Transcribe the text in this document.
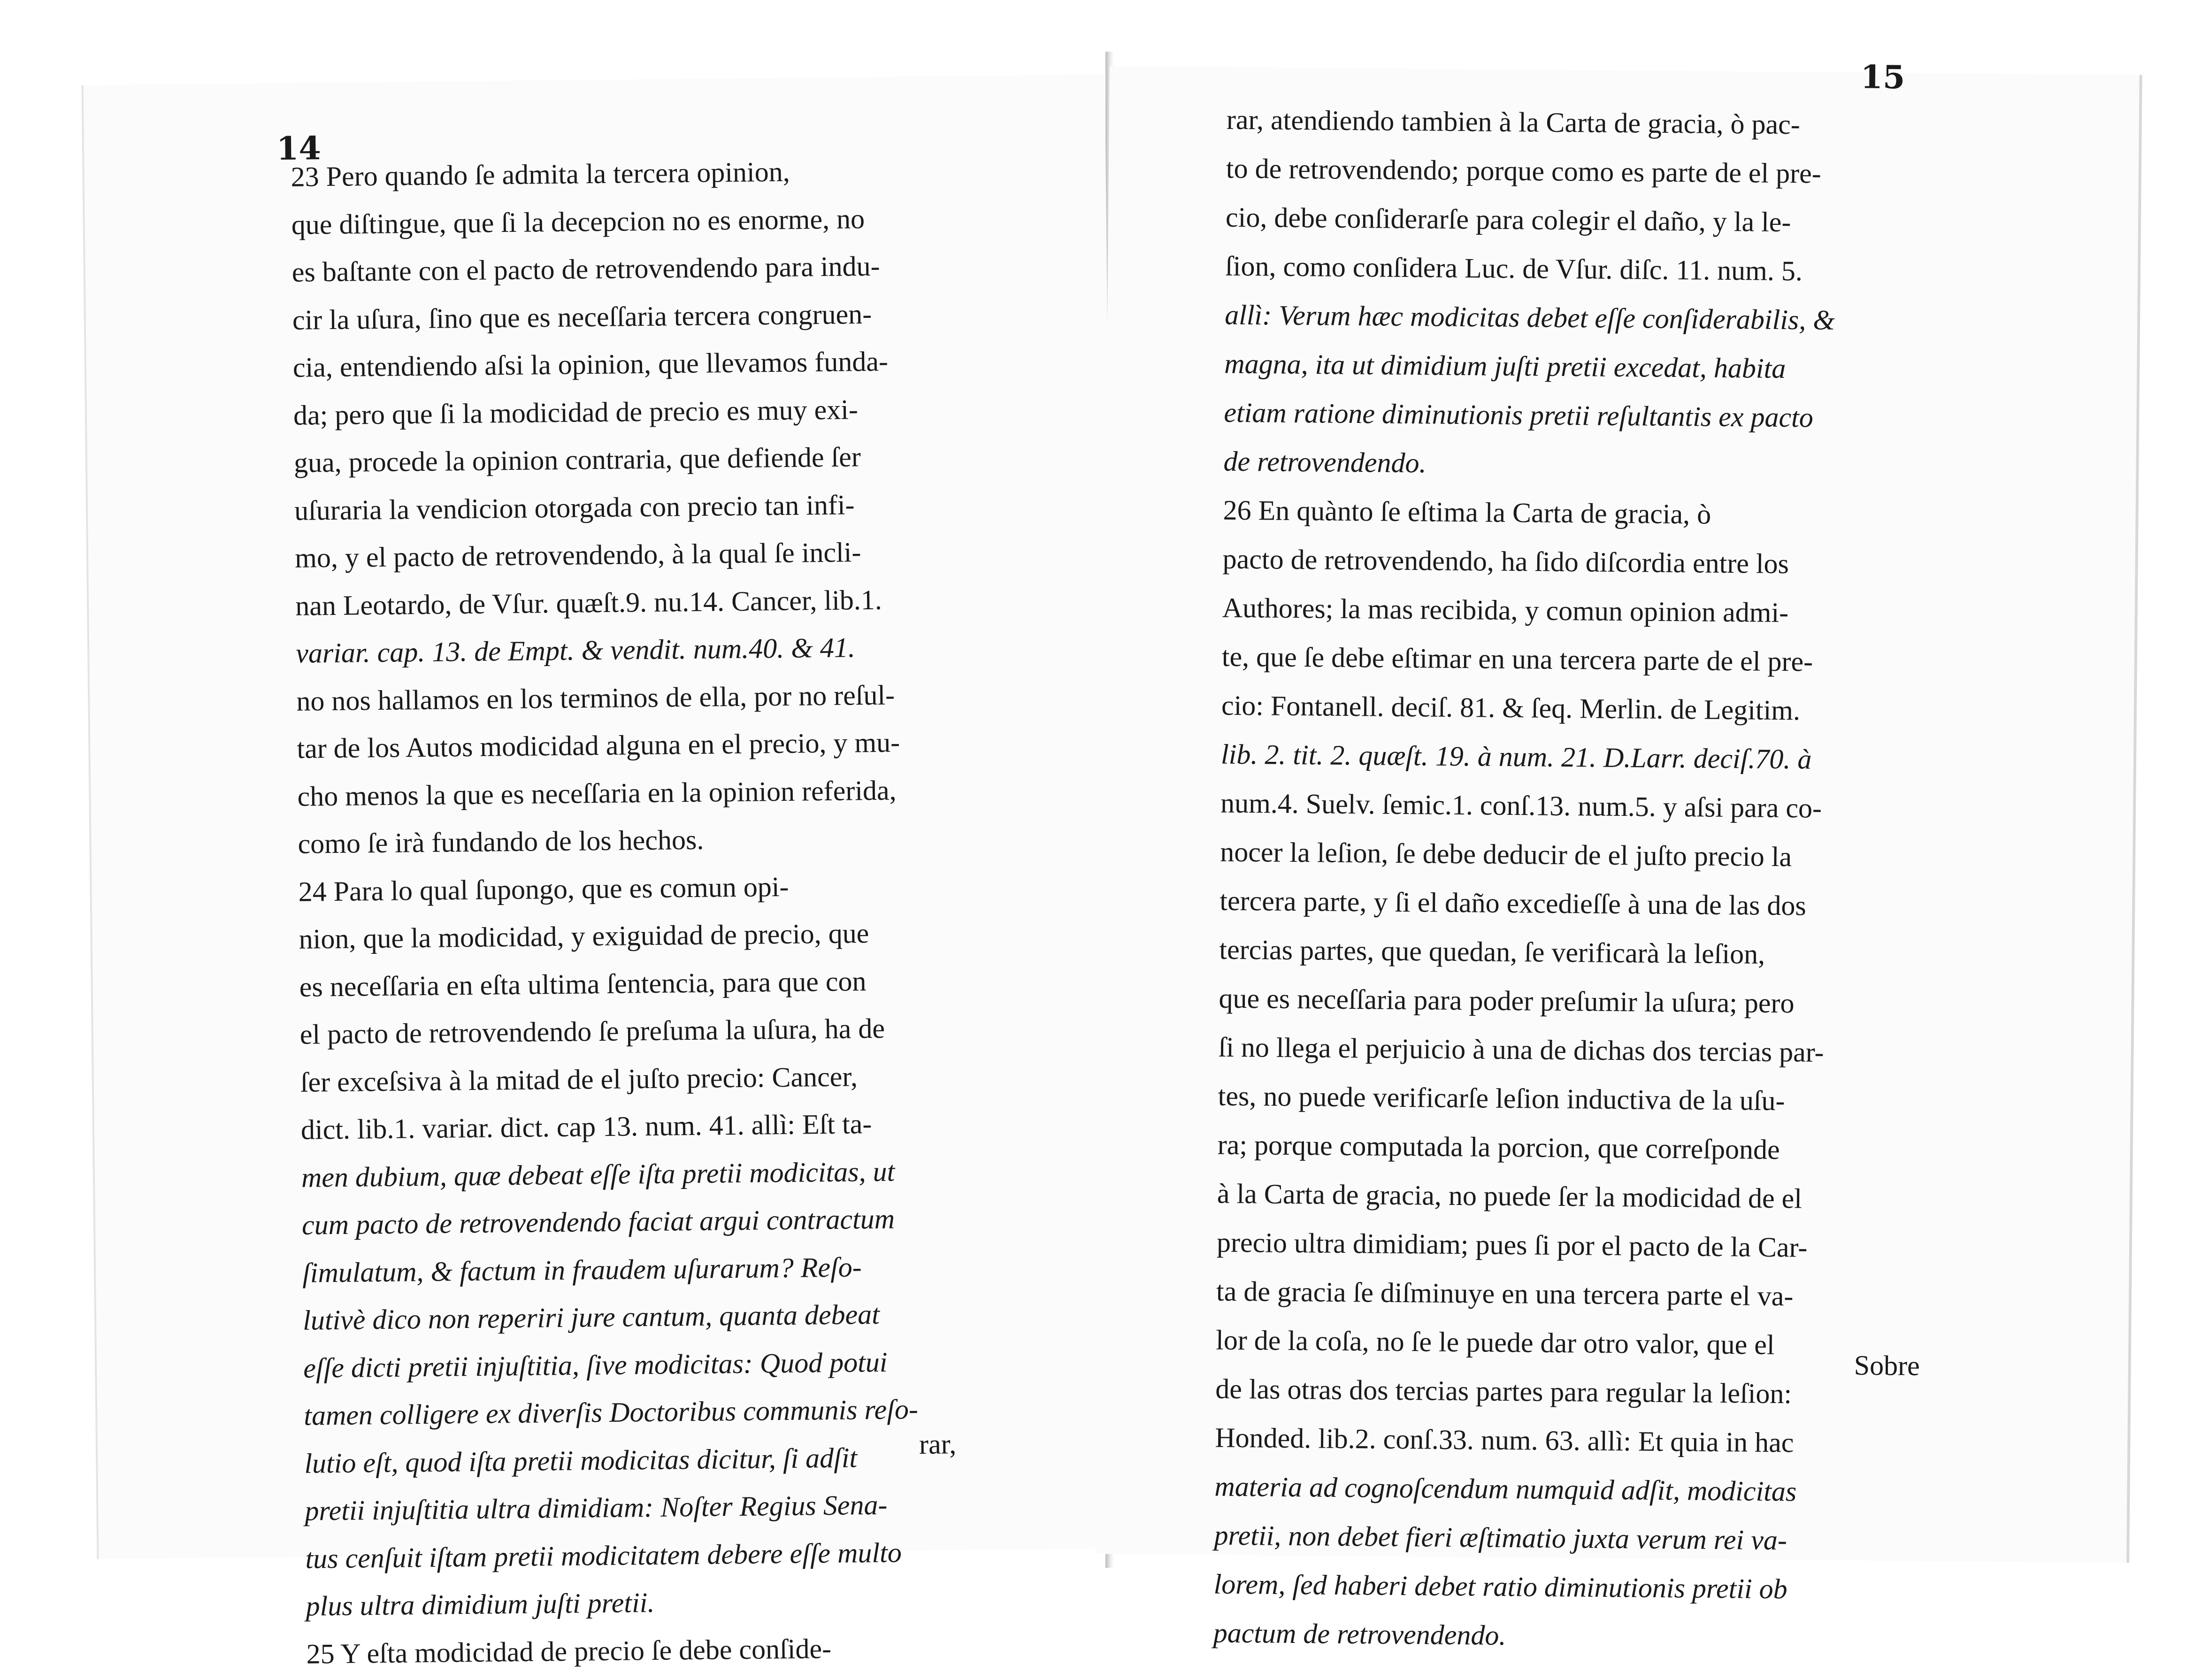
14
23 Pero quando ſe admita la tercera opinion,
que diſtingue, que ſi la decepcion no es enorme, no
es baſtante con el pacto de retrovendendo para indu-
cir la uſura, ſino que es neceſſaria tercera congruen-
cia, entendiendo aſsi la opinion, que llevamos funda-
da; pero que ſi la modicidad de precio es muy exi-
gua, procede la opinion contraria, que defiende ſer
uſuraria la vendicion otorgada con precio tan infi-
mo, y el pacto de retrovendendo, à la qual ſe incli-
nan Leotardo, de Vſur. quæſt.9. nu.14. Cancer, lib.1.
variar. cap. 13. de Empt. & vendit. num.40. & 41.
no nos hallamos en los terminos de ella, por no reſul-
tar de los Autos modicidad alguna en el precio, y mu-
cho menos la que es neceſſaria en la opinion referida,
como ſe irà fundando de los hechos.
24 Para lo qual ſupongo, que es comun opi-
nion, que la modicidad, y exiguidad de precio, que
es neceſſaria en eſta ultima ſentencia, para que con
el pacto de retrovendendo ſe preſuma la uſura, ha de
ſer exceſsiva à la mitad de el juſto precio: Cancer,
dict. lib.1. variar. dict. cap 13. num. 41. allì: Eſt ta-
men dubium, quæ debeat eſſe iſta pretii modicitas, ut
cum pacto de retrovendendo faciat argui contractum
ſimulatum, & factum in fraudem uſurarum? Reſo-
lutivè dico non reperiri jure cantum, quanta debeat
eſſe dicti pretii injuſtitia, ſive modicitas: Quod potui
tamen colligere ex diverſis Doctoribus communis reſo-
lutio eſt, quod iſta pretii modicitas dicitur, ſi adſit
pretii injuſtitia ultra dimidiam: Noſter Regius Sena-
tus cenſuit iſtam pretii modicitatem debere eſſe multo
plus ultra dimidium juſti pretii.
25 Y eſta modicidad de precio ſe debe conſide-
rar,
15
rar, atendiendo tambien à la Carta de gracia, ò pac-
to de retrovendendo; porque como es parte de el pre-
cio, debe conſiderarſe para colegir el daño, y la le-
ſion, como conſidera Luc. de Vſur. diſc. 11. num. 5.
allì: Verum hæc modicitas debet eſſe conſiderabilis, &
magna, ita ut dimidium juſti pretii excedat, habita
etiam ratione diminutionis pretii reſultantis ex pacto
de retrovendendo.
26 En quànto ſe eſtima la Carta de gracia, ò
pacto de retrovendendo, ha ſido diſcordia entre los
Authores; la mas recibida, y comun opinion admi-
te, que ſe debe eſtimar en una tercera parte de el pre-
cio: Fontanell. deciſ. 81. & ſeq. Merlin. de Legitim.
lib. 2. tit. 2. quæſt. 19. à num. 21. D.Larr. deciſ.70. à
num.4. Suelv. ſemic.1. conſ.13. num.5. y aſsi para co-
nocer la leſion, ſe debe deducir de el juſto precio la
tercera parte, y ſi el daño excedieſſe à una de las dos
tercias partes, que quedan, ſe verificarà la leſion,
que es neceſſaria para poder preſumir la uſura; pero
ſi no llega el perjuicio à una de dichas dos tercias par-
tes, no puede verificarſe leſion inductiva de la uſu-
ra; porque computada la porcion, que correſponde
à la Carta de gracia, no puede ſer la modicidad de el
precio ultra dimidiam; pues ſi por el pacto de la Car-
ta de gracia ſe diſminuye en una tercera parte el va-
lor de la coſa, no ſe le puede dar otro valor, que el
de las otras dos tercias partes para regular la leſion:
Honded. lib.2. conſ.33. num. 63. allì: Et quia in hac
materia ad cognoſcendum numquid adſit, modicitas
pretii, non debet fieri æſtimatio juxta verum rei va-
lorem, ſed haberi debet ratio diminutionis pretii ob
pactum de retrovendendo.
Sobre
